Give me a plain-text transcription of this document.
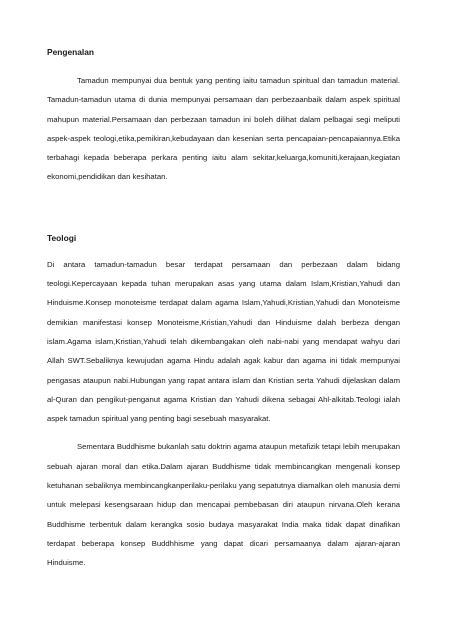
Pengenalan

Tamadun mempunyai dua bentuk yang penting iaitu tamadun spiritual dan tamadun material. Tamadun-tamadun utama di dunia mempunyai persamaan dan perbezaanbaik dalam aspek spiritual mahupun material.Persamaan dan perbezaan tamadun ini boleh dilihat dalam pelbagai segi meliputi aspek-aspek teologi,etika,pemikiran,kebudayaan dan kesenian serta pencapaian-pencapaiannya.Etika terbahagi kepada beberapa perkara penting iaitu alam sekitar,keluarga,komuniti,kerajaan,kegiatan ekonomi,pendidikan dan kesihatan.

Teologi

Di antara tamadun-tamadun besar terdapat persamaan dan perbezaan dalam bidang teologi.Kepercayaan kepada tuhan merupakan asas yang utama dalam Islam,Kristian,Yahudi dan Hinduisme.Konsep monoteisme terdapat dalam agama Islam,Yahudi,Kristian,Yahudi dan Monoteisme demikian manifestasi konsep Monoteisme,Kristian,Yahudi dan Hinduisme dalah berbeza dengan islam.Agama islam,Kristian,Yahudi telah dikembangakan oleh nabi-nabi yang mendapat wahyu dari Allah SWT.Sebaliknya kewujudan agama Hindu adalah agak kabur dan agama ini tidak mempunyai pengasas ataupun nabi.Hubungan yang rapat antara islam dan Kristian serta Yahudi dijelaskan dalam al-Quran dan pengikut-penganut agama Kristian dan Yahudi dikena sebagai Ahl-alkitab.Teologi ialah aspek tamadun spiritual yang penting bagi sesebuah masyarakat.

Sementara Buddhisme bukanlah satu doktrin agama ataupun metafizik tetapi lebih merupakan sebuah ajaran moral dan etika.Dalam ajaran Buddhisme tidak membincangkan mengenali konsep ketuhanan sebaliknya membincangkanperilaku-perilaku yang sepatutnya diamalkan oleh manusia demi untuk melepasi kesengsaraan hidup dan mencapai pembebasan diri ataupun nirvana.Oleh kerana Buddhisme terbentuk dalam kerangka sosio budaya masyarakat India maka tidak dapat dinafikan terdapat beberapa konsep Buddhhisme yang dapat dicari persamaanya dalam ajaran-ajaran Hinduisme.
